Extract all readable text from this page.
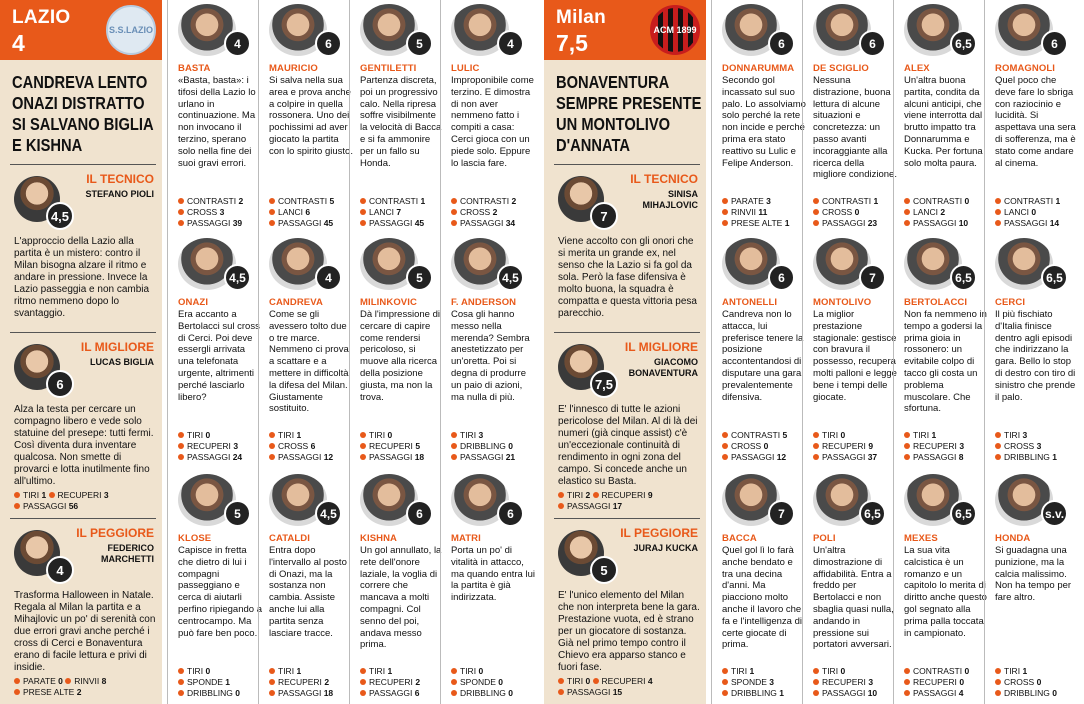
LAZIO
4	S.S.LAZIO
CANDREVA LENTO ONAZI DISTRATTO SI SALVANO BIGLIA E KISHNA
IL TECNICO
STEFANO PIOLI
4,5
L'approccio della Lazio alla partita è un mistero: contro il Milan bisogna alzare il ritmo e andare in pressione. Invece la Lazio passeggia e non cambia ritmo nemmeno dopo lo svantaggio.
IL MIGLIORE
LUCAS BIGLIA
6
Alza la testa per cercare un compagno libero e vede solo statuine del presepe: tutti fermi. Così diventa dura inventare qualcosa. Non smette di provarci e lotta inutilmente fino all'ultimo.
TIRI 1 RECUPERI 3 PASSAGGI 56
IL PEGGIORE
FEDERICO MARCHETTI
4
Trasforma Halloween in Natale. Regala al Milan la partita e a Mihajlovic un po' di serenità con due errori gravi anche perché i cross di Cerci e Bonaventura erano di facile lettura e privi di insidie.
PARATE 0 RINVII 8 PRESE ALTE 2
4
BASTA
«Basta, basta»: i tifosi della Lazio lo urlano in continuazione. Ma non invocano il terzino, sperano solo nella fine dei suoi gravi errori.
CONTRASTI 2
CROSS 3
PASSAGGI 39
4,5
ONAZI
Era accanto a Bertolacci sul cross di Cerci. Poi deve essergli arrivata una telefonata urgente, altrimenti perché lasciarlo libero?
TIRI 0
RECUPERI 3
PASSAGGI 24
5
KLOSE
Capisce in fretta che dietro di lui i compagni passeggiano e cerca di aiutarli perfino ripiegando a centrocampo. Ma può fare ben poco.
TIRI 0
SPONDE 1
DRIBBLING 0
6
MAURICIO
Si salva nella sua area e prova anche a colpire in quella rossonera. Uno dei pochissimi ad aver giocato la partita con lo spirito giusto.
CONTRASTI 5
LANCI 6
PASSAGGI 45
4
CANDREVA
Come se gli avessero tolto due o tre marce. Nemmeno ci prova a scattare e a mettere in difficoltà la difesa del Milan. Giustamente sostituito.
TIRI 1
CROSS 6
PASSAGGI 12
4,5
CATALDI
Entra dopo l'intervallo al posto di Onazi, ma la sostanza non cambia. Assiste anche lui alla partita senza lasciare tracce.
TIRI 1
RECUPERI 2
PASSAGGI 18
5
GENTILETTI
Partenza discreta, poi un progressivo calo. Nella ripresa soffre visibilmente la velocità di Bacca e si fa ammonire per un fallo su Honda.
CONTRASTI 1
LANCI 7
PASSAGGI 45
5
MILINKOVIC
Dà l'impressione di cercare di capire come rendersi pericoloso, si muove alla ricerca della posizione giusta, ma non la trova.
TIRI 0
RECUPERI 5
PASSAGGI 18
6
KISHNA
Un gol annullato, la rete dell'onore laziale, la voglia di correre che mancava a molti compagni. Col senno del poi, andava messo prima.
TIRI 1
RECUPERI 2
PASSAGGI 6
4
LULIC
Improponibile come terzino. E dimostra di non aver nemmeno fatto i compiti a casa: Cerci gioca con un piede solo. Eppure lo lascia fare.
CONTRASTI 2
CROSS 2
PASSAGGI 34
4,5
F. ANDERSON
Cosa gli hanno messo nella merenda? Sembra anestetizzato per un'oretta. Poi si degna di produrre un paio di azioni, ma nulla di più.
TIRI 3
DRIBBLING 0
PASSAGGI 21
6
MATRI
Porta un po' di vitalità in attacco, ma quando entra lui la partita è già indirizzata.
TIRI 0
SPONDE 0
DRIBBLING 0
Milan
7,5	ACM 1899
BONAVENTURA SEMPRE PRESENTE UN MONTOLIVO D'ANNATA
IL TECNICO
SINISA MIHAJLOVIC
7
Viene accolto con gli onori che si merita un grande ex, nel senso che la Lazio si fa gol da sola. Però la fase difensiva è molto buona, la squadra è compatta e questa vittoria pesa parecchio.
IL MIGLIORE
GIACOMO BONAVENTURA
7,5
E' l'innesco di tutte le azioni pericolose del Milan. Al di là dei numeri (già cinque assist) c'è un'eccezionale continuità di rendimento in ogni zona del campo. Si concede anche un elastico su Basta.
TIRI 2 RECUPERI 9 PASSAGGI 17
IL PEGGIORE
JURAJ KUCKA
5
E' l'unico elemento del Milan che non interpreta bene la gara. Prestazione vuota, ed è strano per un giocatore di sostanza. Già nel primo tempo contro il Chievo era apparso stanco e fuori fase.
TIRI 0 RECUPERI 4 PASSAGGI 15
6
DONNARUMMA
Secondo gol incassato sul suo palo. Lo assolviamo solo perché la rete non incide e perché prima era stato reattivo su Lulic e Felipe Anderson.
PARATE 3
RINVII 11
PRESE ALTE 1
6
ANTONELLI
Candreva non lo attacca, lui preferisce tenere la posizione accontentandosi di disputare una gara prevalentemente difensiva.
CONTRASTI 5
CROSS 0
PASSAGGI 12
7
BACCA
Quel gol lì lo farà anche bendato e tra una decina d'anni. Ma piacciono molto anche il lavoro che fa e l'intelligenza di certe giocate di prima.
TIRI 1
SPONDE 3
DRIBBLING 1
6
DE SCIGLIO
Nessuna distrazione, buona lettura di alcune situazioni e concretezza: un passo avanti incoraggiante alla ricerca della migliore condizione.
CONTRASTI 1
CROSS 0
PASSAGGI 23
7
MONTOLIVO
La miglior prestazione stagionale: gestisce con bravura il possesso, recupera molti palloni e legge bene i tempi delle giocate.
TIRI 0
RECUPERI 9
PASSAGGI 37
6,5
POLI
Un'altra dimostrazione di affidabilità. Entra a freddo per Bertolacci e non sbaglia quasi nulla, andando in pressione sui portatori avversari.
TIRI 0
RECUPERI 3
PASSAGGI 10
6,5
ALEX
Un'altra buona partita, condita da alcuni anticipi, che viene interrotta dal brutto impatto tra Donnarumma e Kucka. Per fortuna solo molta paura.
CONTRASTI 0
LANCI 2
PASSAGGI 10
6,5
BERTOLACCI
Non fa nemmeno in tempo a godersi la prima gioia in rossonero: un evitabile colpo di tacco gli costa un problema muscolare. Che sfortuna.
TIRI 1
RECUPERI 3
PASSAGGI 8
6,5
MEXES
La sua vita calcistica è un romanzo e un capitolo lo merita di diritto anche questo gol segnato alla prima palla toccata in campionato.
CONTRASTI 0
RECUPERI 0
PASSAGGI 4
6
ROMAGNOLI
Quel poco che deve fare lo sbriga con raziocinio e lucidità. Si aspettava una sera di sofferenza, ma è stato come andare al cinema.
CONTRASTI 1
LANCI 0
PASSAGGI 14
6,5
CERCI
Il più fischiato d'Italia finisce dentro agli episodi che indirizzano la gara. Bello lo stop di destro con tiro di sinistro che prende il palo.
TIRI 3
CROSS 3
DRIBBLING 1
s.v.
HONDA
Si guadagna una punizione, ma la calcia malissimo. Non ha tempo per fare altro.
TIRI 1
CROSS 0
DRIBBLING 0
